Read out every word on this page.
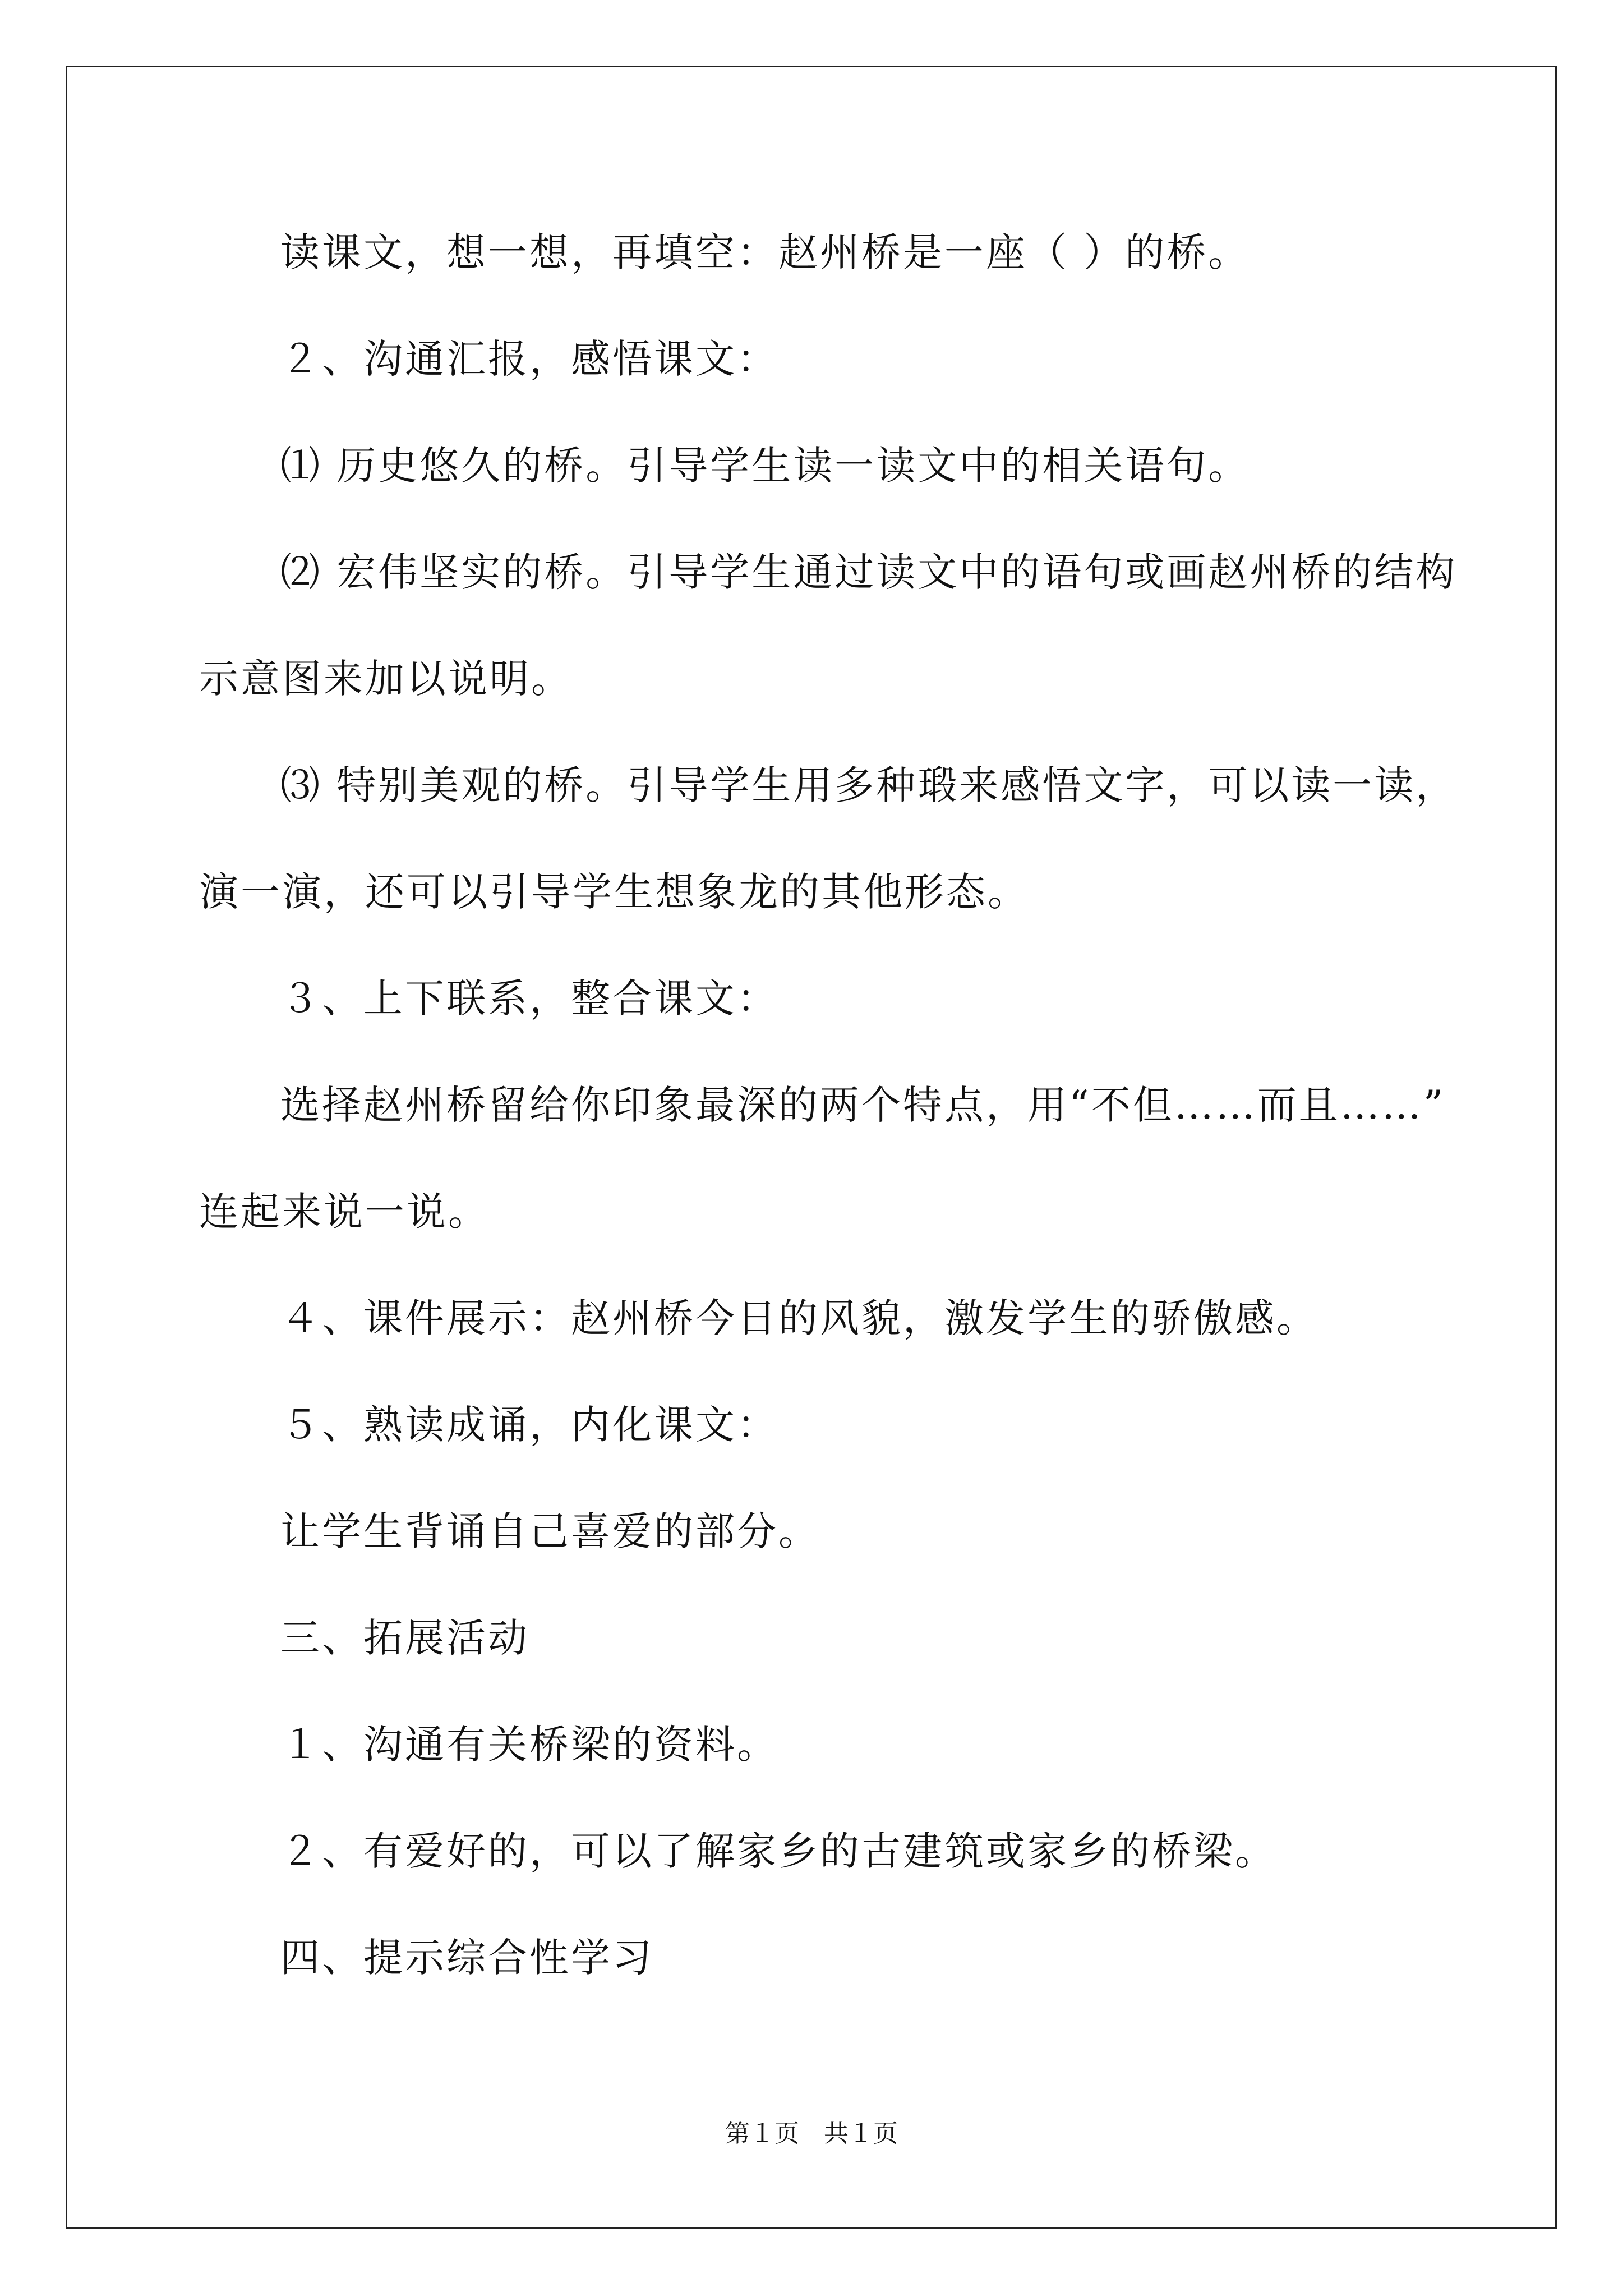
读课文，想一想，再填空：赵州桥是一座（ ）的桥。
２、沟通汇报，感悟课文：
⑴ 历史悠久的桥。引导学生读一读文中的相关语句。
⑵ 宏伟坚实的桥。引导学生通过读文中的语句或画赵州桥的结构
示意图来加以说明。
⑶ 特别美观的桥。引导学生用多种瑖来感悟文字，可以读一读，
演一演，还可以引导学生想象龙的其他形态。
３、上下联系，整合课文：
选择赵州桥留给你印象最深的两个特点，用“不但……而且……”
连起来说一说。
４、课件展示：赵州桥今日的风貌，激发学生的骄傲感。
５、熟读成诵，内化课文：
让学生背诵自己喜爱的部分。
三、拓展活动
１、沟通有关桥梁的资料。
２、有爱好的，可以了解家乡的古建筑或家乡的桥梁。
四、提示综合性学习
第１页　共１页
